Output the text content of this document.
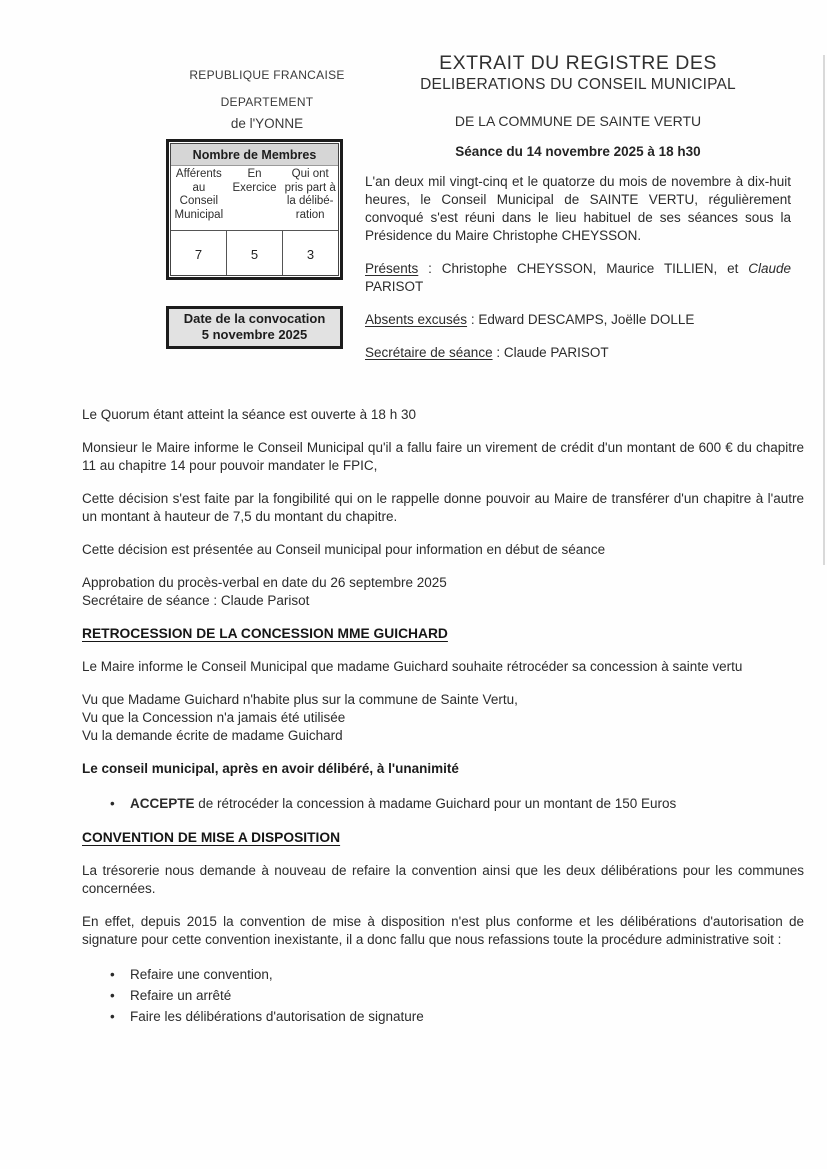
REPUBLIQUE FRANCAISE
DEPARTEMENT
de l'YONNE
Nombre de Membres
Afférents au Conseil Municipal
En Exercice
Qui ont pris part à la délibé-ration
7	5	3
Date de la convocation
5 novembre 2025
EXTRAIT DU REGISTRE DES
DELIBERATIONS DU CONSEIL MUNICIPAL
DE LA COMMUNE DE SAINTE VERTU
Séance du 14 novembre 2025 à 18 h30
L'an deux mil vingt-cinq et le quatorze du mois de novembre à dix-huit heures, le Conseil Municipal de SAINTE VERTU, régulièrement convoqué s'est réuni dans le lieu habituel de ses séances sous la Présidence du Maire Christophe CHEYSSON.
Présents : Christophe CHEYSSON, Maurice TILLIEN, et Claude PARISOT
Absents excusés : Edward DESCAMPS, Joëlle DOLLE
Secrétaire de séance : Claude PARISOT

Le Quorum étant atteint la séance est ouverte à 18 h 30

Monsieur le Maire informe le Conseil Municipal qu'il a fallu faire un virement de crédit d'un montant de 600 € du chapitre 11 au chapitre 14 pour pouvoir mandater le FPIC,

Cette décision s'est faite par la fongibilité qui on le rappelle donne pouvoir au Maire de transférer d'un chapitre à l'autre un montant à hauteur de 7,5 du montant du chapitre.

Cette décision est présentée au Conseil municipal pour information en début de séance

Approbation du procès-verbal en date du 26 septembre 2025

Secrétaire de séance : Claude Parisot

RETROCESSION DE LA CONCESSION MME GUICHARD

Le Maire informe le Conseil Municipal que madame Guichard souhaite rétrocéder sa concession à sainte vertu

Vu que Madame Guichard n'habite plus sur la commune de Sainte Vertu,

Vu que la Concession n'a jamais été utilisée

Vu la demande écrite de madame Guichard

Le conseil municipal, après en avoir délibéré, à l'unanimité

• ACCEPTE de rétrocéder la concession à madame Guichard pour un montant de 150 Euros

CONVENTION DE MISE A DISPOSITION

La trésorerie nous demande à nouveau de refaire la convention ainsi que les deux délibérations pour les communes concernées.

En effet, depuis 2015 la convention de mise à disposition n'est plus conforme et les délibérations d'autorisation de signature pour cette convention inexistante, il a donc fallu que nous refassions toute la procédure administrative soit :

• Refaire une convention,
• Refaire un arrêté
• Faire les délibérations d'autorisation de signature
